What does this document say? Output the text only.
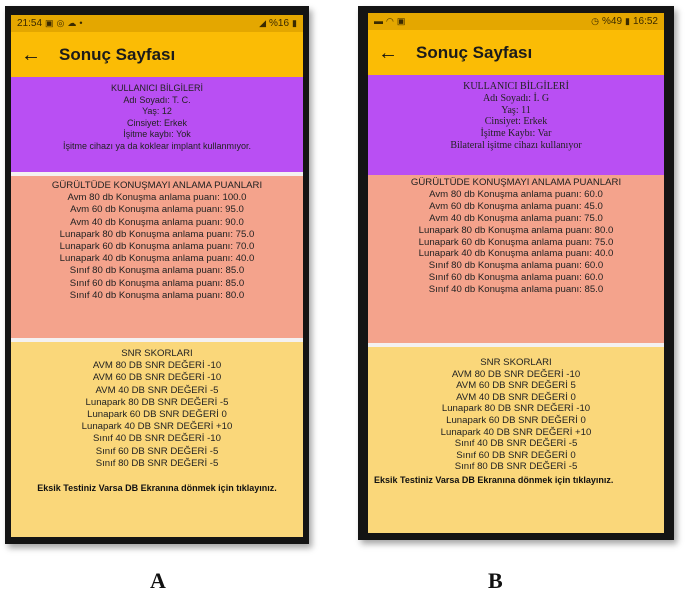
21:54 ▣ ◎ ☁ •	◢ %16 ▮
← Sonuç Sayfası
KULLANICI BİLGİLERİ
Adı Soyadı: T. C.
Yaş: 12
Cinsiyet: Erkek
İşitme kaybı: Yok
İşitme cihazı ya da koklear implant kullanmıyor.
GÜRÜLTÜDE KONUŞMAYI ANLAMA PUANLARI
Avm 80 db Konuşma anlama puanı: 100.0
Avm 60 db Konuşma anlama puanı: 95.0
Avm 40 db Konuşma anlama puanı: 90.0
Lunapark 80 db Konuşma anlama puanı: 75.0
Lunapark 60 db Konuşma anlama puanı: 70.0
Lunapark 40 db Konuşma anlama puanı: 40.0
Sınıf 80 db Konuşma anlama puanı: 85.0
Sınıf 60 db Konuşma anlama puanı: 85.0
Sınıf 40 db Konuşma anlama puanı: 80.0
SNR SKORLARI
AVM 80 DB SNR DEĞERİ -10
AVM 60 DB SNR DEĞERİ -10
AVM 40 DB SNR DEĞERİ -5
Lunapark 80 DB SNR DEĞERİ -5
Lunapark 60 DB SNR DEĞERİ 0
Lunapark 40 DB SNR DEĞERİ +10
Sınıf 40 DB SNR DEĞERİ -10
Sınıf 60 DB SNR DEĞERİ -5
Sınıf 80 DB SNR DEĞERİ -5
Eksik Testiniz Varsa DB Ekranına dönmek için tıklayınız.
▬ ◠ ▣	◷ %49 ▮ 16:52
← Sonuç Sayfası
KULLANICI BİLGİLERİ
Adı Soyadı: İ. G
Yaş: 11
Cinsiyet: Erkek
İşitme Kaybı: Var
Bilateral işitme cihazı kullanıyor
GÜRÜLTÜDE KONUŞMAYI ANLAMA PUANLARI
Avm 80 db Konuşma anlama puanı: 60.0
Avm 60 db Konuşma anlama puanı: 45.0
Avm 40 db Konuşma anlama puanı: 75.0
Lunapark 80 db Konuşma anlama puanı: 80.0
Lunapark 60 db Konuşma anlama puanı: 75.0
Lunapark 40 db Konuşma anlama puanı: 40.0
Sınıf 80 db Konuşma anlama puanı: 60.0
Sınıf 60 db Konuşma anlama puanı: 60.0
Sınıf 40 db Konuşma anlama puanı: 85.0
SNR SKORLARI
AVM 80 DB SNR DEĞERİ -10
AVM 60 DB SNR DEĞERİ 5
AVM 40 DB SNR DEĞERİ 0
Lunapark 80 DB SNR DEĞERİ -10
Lunapark 60 DB SNR DEĞERİ 0
Lunapark 40 DB SNR DEĞERİ +10
Sınıf 40 DB SNR DEĞERİ -5
Sınıf 60 DB SNR DEĞERİ 0
Sınıf 80 DB SNR DEĞERİ -5
Eksik Testiniz Varsa DB Ekranına dönmek için tıklayınız.
A	B
